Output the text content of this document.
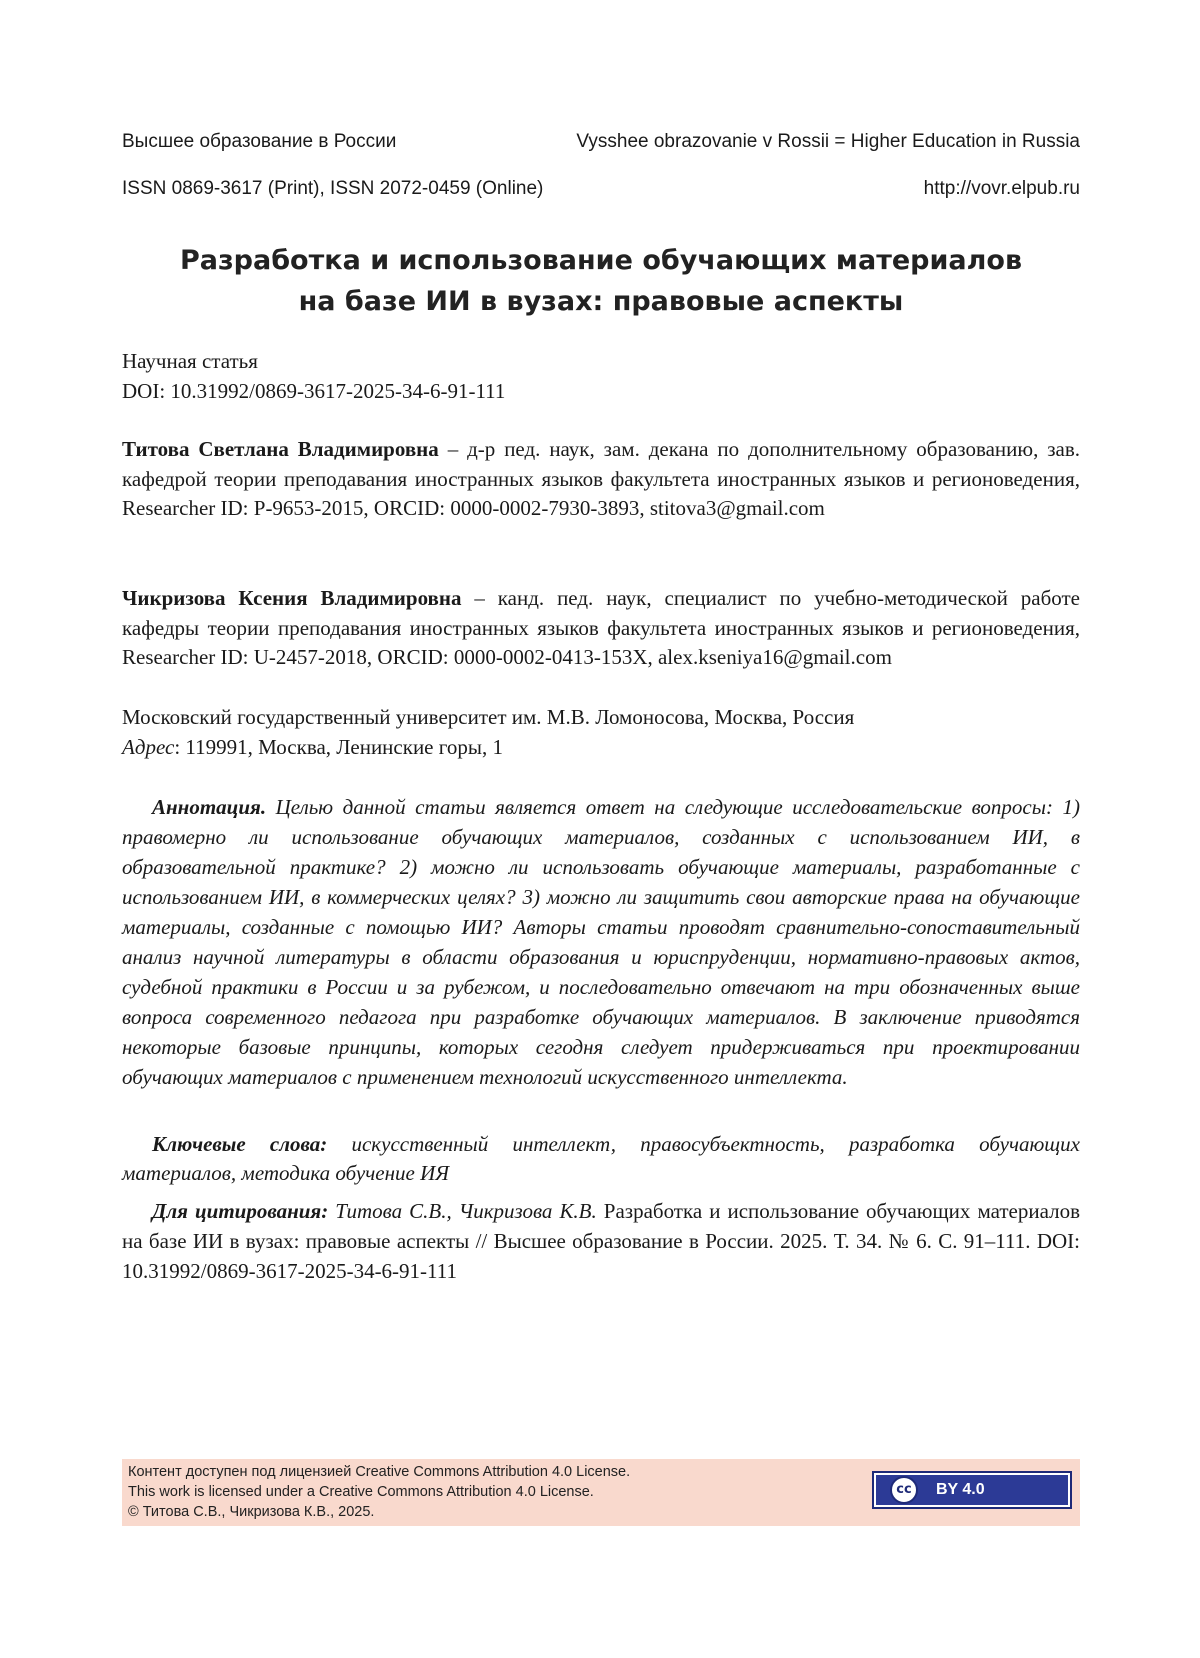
Высшее образование в России	Vysshee obrazovanie v Rossii = Higher Education in Russia
ISSN 0869-3617 (Print), ISSN 2072-0459 (Online)	http://vovr.elpub.ru
Разработка и использование обучающих материалов
на базе ИИ в вузах: правовые аспекты
Научная статья
DOI: 10.31992/0869-3617-2025-34-6-91-111
Титова Светлана Владимировна – д-р пед. наук, зам. декана по дополнительному образованию, зав. кафедрой теории преподавания иностранных языков факультета иностранных языков и регионоведения, Researcher ID: P-9653-2015, ORCID: 0000-0002-7930-3893, stitova3@gmail.com
Чикризова Ксения Владимировна – канд. пед. наук, специалист по учебно-методической работе кафедры теории преподавания иностранных языков факультета иностранных языков и регионоведения, Researcher ID: U-2457-2018, ORCID: 0000-0002-0413-153X, alex.kseniya16@gmail.com
Московский государственный университет им. М.В. Ломоносова, Москва, Россия
Адрес: 119991, Москва, Ленинские горы, 1
Аннотация. Целью данной статьи является ответ на следующие исследовательские вопросы: 1) правомерно ли использование обучающих материалов, созданных с использованием ИИ, в образовательной практике? 2) можно ли использовать обучающие материалы, разработанные с использованием ИИ, в коммерческих целях? 3) можно ли защитить свои авторские права на обучающие материалы, созданные с помощью ИИ? Авторы статьи проводят сравнительно-сопоставительный анализ научной литературы в области образования и юриспруденции, нормативно-правовых актов, судебной практики в России и за рубежом, и последовательно отвечают на три обозначенных выше вопроса современного педагога при разработке обучающих материалов. В заключение приводятся некоторые базовые принципы, которых сегодня следует придерживаться при проектировании обучающих материалов с применением технологий искусственного интеллекта.
Ключевые слова: искусственный интеллект, правосубъектность, разработка обучающих материалов, методика обучение ИЯ
Для цитирования: Титова С.В., Чикризова К.В. Разработка и использование обучающих материалов на базе ИИ в вузах: правовые аспекты // Высшее образование в России. 2025. Т. 34. № 6. С. 91–111. DOI: 10.31992/0869-3617-2025-34-6-91-111
Контент доступен под лицензией Creative Commons Attribution 4.0 License.
This work is licensed under a Creative Commons Attribution 4.0 License.
© Титова С.В., Чикризова К.В., 2025.
cc	BY 4.0
